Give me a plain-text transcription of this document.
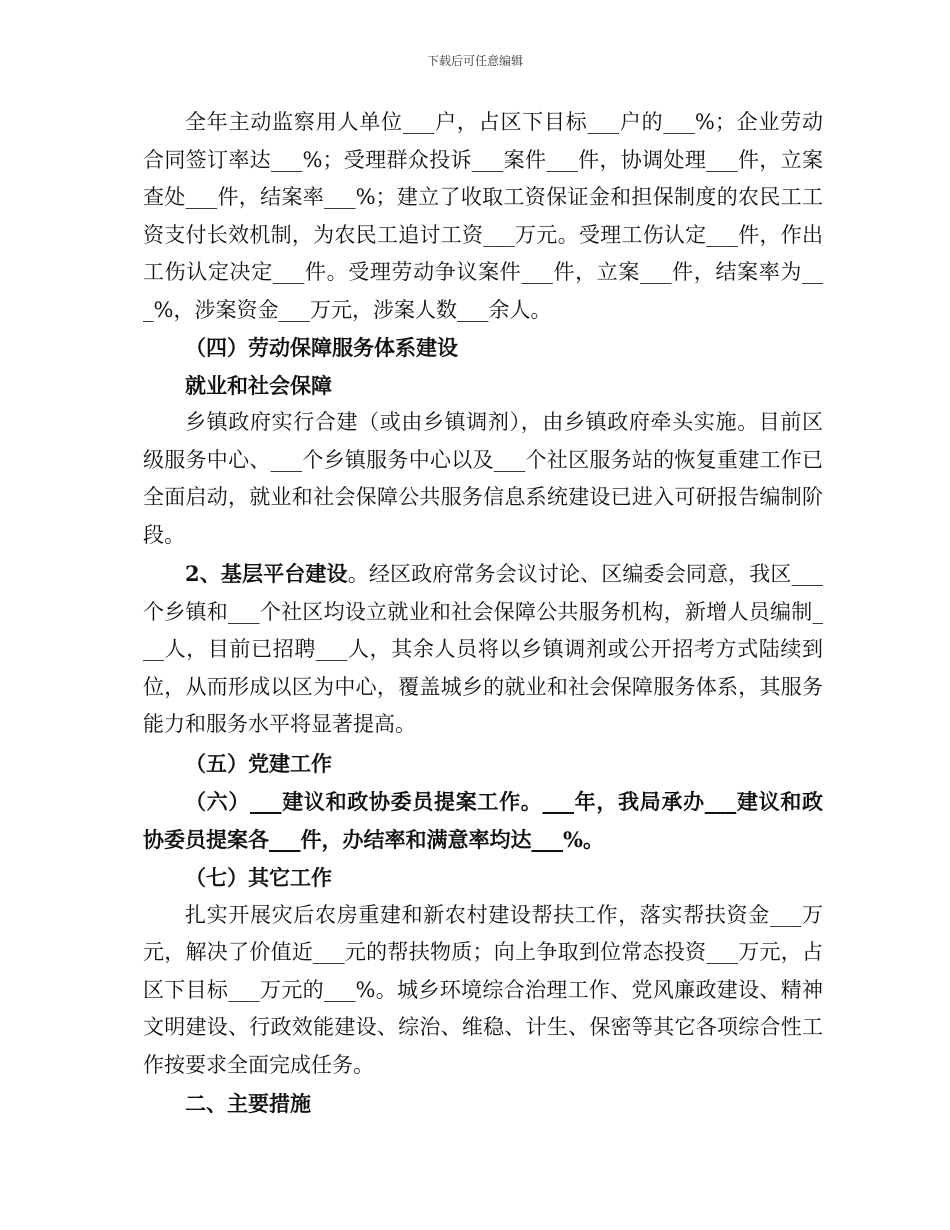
下载后可任意编辑

全年主动监察用人单位___户，占区下目标___户的___%；企业劳动合同签订率达___%；受理群众投诉___案件___件，协调处理___件，立案查处___件，结案率___%；建立了收取工资保证金和担保制度的农民工工资支付长效机制，为农民工追讨工资___万元。受理工伤认定___件，作出工伤认定决定___件。受理劳动争议案件___件，立案___件，结案率为___%，涉案资金___万元，涉案人数___余人。

（四）劳动保障服务体系建设

就业和社会保障

乡镇政府实行合建（或由乡镇调剂），由乡镇政府牵头实施。目前区级服务中心、___个乡镇服务中心以及___个社区服务站的恢复重建工作已全面启动，就业和社会保障公共服务信息系统建设已进入可研报告编制阶段。

2、基层平台建设。经区政府常务会议讨论、区编委会同意，我区___个乡镇和___个社区均设立就业和社会保障公共服务机构，新增人员编制___人，目前已招聘___人，其余人员将以乡镇调剂或公开招考方式陆续到位，从而形成以区为中心，覆盖城乡的就业和社会保障服务体系，其服务能力和服务水平将显著提高。

（五）党建工作

（六）___建议和政协委员提案工作。___年，我局承办___建议和政协委员提案各___件，办结率和满意率均达___%。

（七）其它工作

扎实开展灾后农房重建和新农村建设帮扶工作，落实帮扶资金___万元，解决了价值近___元的帮扶物质；向上争取到位常态投资___万元，占区下目标___万元的___%。城乡环境综合治理工作、党风廉政建设、精神文明建设、行政效能建设、综治、维稳、计生、保密等其它各项综合性工作按要求全面完成任务。

二、主要措施
